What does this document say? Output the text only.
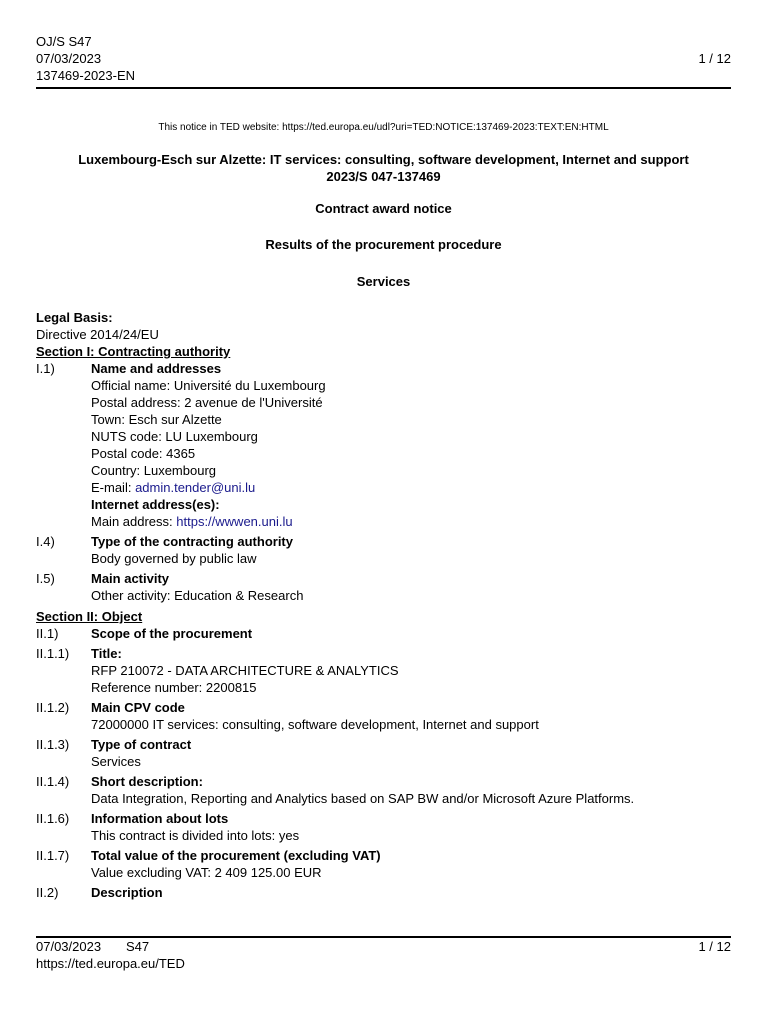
OJ/S S47
07/03/2023
137469-2023-EN
1 / 12
This notice in TED website: https://ted.europa.eu/udl?uri=TED:NOTICE:137469-2023:TEXT:EN:HTML
Luxembourg-Esch sur Alzette: IT services: consulting, software development, Internet and support
2023/S 047-137469
Contract award notice
Results of the procurement procedure
Services
Legal Basis:
Directive 2014/24/EU
Section I: Contracting authority
I.1)	Name and addresses
Official name: Université du Luxembourg
Postal address: 2 avenue de l'Université
Town: Esch sur Alzette
NUTS code: LU Luxembourg
Postal code: 4365
Country: Luxembourg
E-mail: admin.tender@uni.lu
Internet address(es):
Main address: https://wwwen.uni.lu
I.4)	Type of the contracting authority
Body governed by public law
I.5)	Main activity
Other activity: Education & Research
Section II: Object
II.1)	Scope of the procurement
II.1.1)	Title:
RFP 210072 - DATA ARCHITECTURE & ANALYTICS
Reference number: 2200815
II.1.2)	Main CPV code
72000000 IT services: consulting, software development, Internet and support
II.1.3)	Type of contract
Services
II.1.4)	Short description:
Data Integration, Reporting and Analytics based on SAP BW and/or Microsoft Azure Platforms.
II.1.6)	Information about lots
This contract is divided into lots: yes
II.1.7)	Total value of the procurement (excluding VAT)
Value excluding VAT: 2 409 125.00 EUR
II.2)	Description
07/03/2023 S47	1 / 12
https://ted.europa.eu/TED
